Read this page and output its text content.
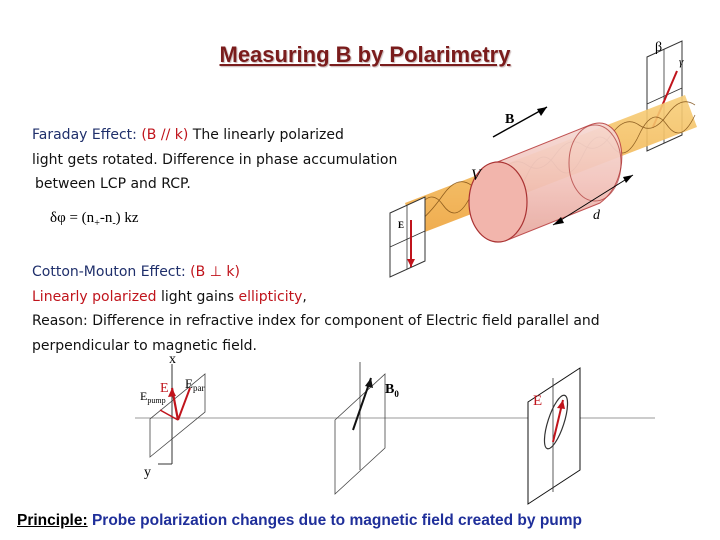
Measuring B by Polarimetry
Faraday Effect: (B // k) The linearly polarized
light gets rotated. Difference in phase accumulation
between LCP and RCP.
$\delta\varphi = (n_+-n_-)$ kz
Cotton-Mouton Effect: (B ⊥ k)
Linearly polarized light gains ellipticity,
Reason: Difference in refractive index for component of Electric field parallel and
perpendicular to magnetic field.
β
γ
V
B
d
E
x
y
E $E_{par}$
$E_{pump}$
$B_0$	E
Principle: Probe polarization changes due to magnetic field created by pump
